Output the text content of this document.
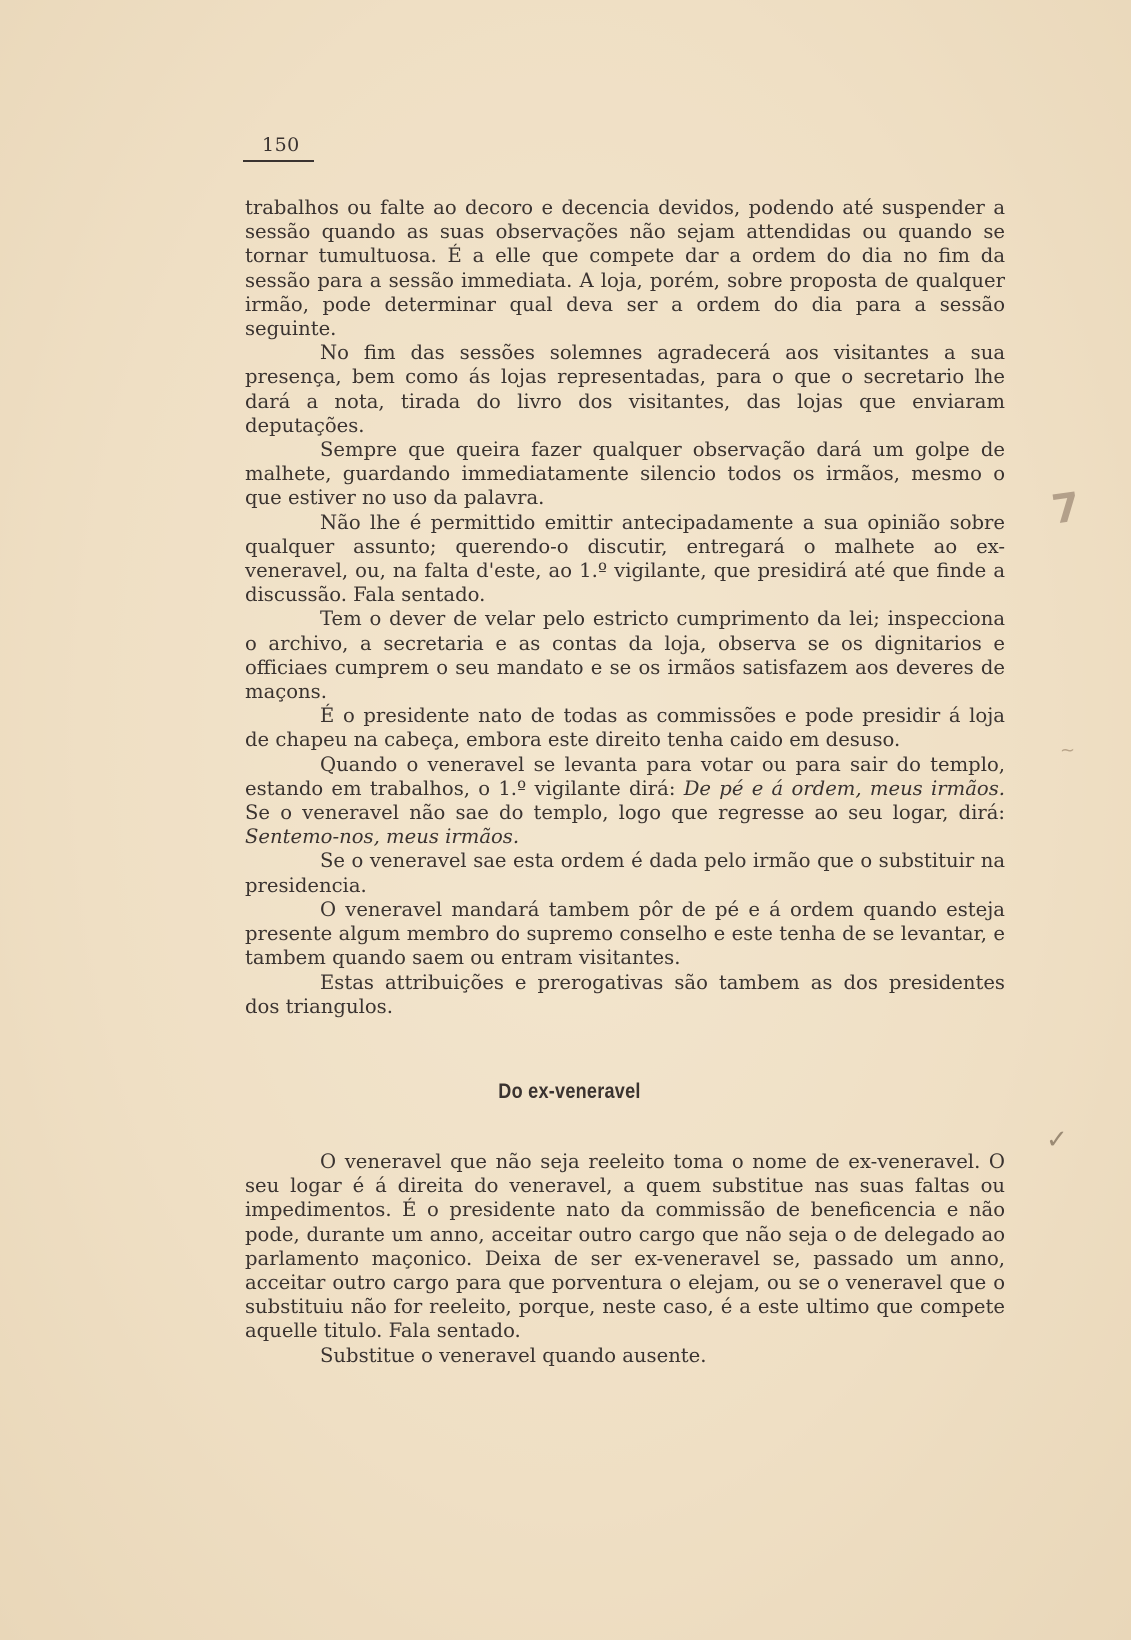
150

trabalhos ou falte ao decoro e decencia devidos, podendo até suspender a sessão quando as suas observações não sejam attendidas ou quando se tornar tumultuosa. É a elle que compete dar a ordem do dia no fim da sessão para a sessão immediata. A loja, porém, sobre proposta de qualquer irmão, pode determinar qual deva ser a ordem do dia para a sessão seguinte.

No fim das sessões solemnes agradecerá aos visitantes a sua presença, bem como ás lojas representadas, para o que o secretario lhe dará a nota, tirada do livro dos visitantes, das lojas que enviaram deputações.

Sempre que queira fazer qualquer observação dará um golpe de malhete, guardando immediatamente silencio todos os irmãos, mesmo o que estiver no uso da palavra.

Não lhe é permittido emittir antecipadamente a sua opinião sobre qualquer assunto; querendo-o discutir, entregará o malhete ao ex-veneravel, ou, na falta d'este, ao 1.º vigilante, que presidirá até que finde a discussão. Fala sentado.

Tem o dever de velar pelo estricto cumprimento da lei; inspecciona o archivo, a secretaria e as contas da loja, observa se os dignitarios e officiaes cumprem o seu mandato e se os irmãos satisfazem aos deveres de maçons.

É o presidente nato de todas as commissões e pode presidir á loja de chapeu na cabeça, embora este direito tenha caido em desuso.

Quando o veneravel se levanta para votar ou para sair do templo, estando em trabalhos, o 1.º vigilante dirá: De pé e á ordem, meus irmãos. Se o veneravel não sae do templo, logo que regresse ao seu logar, dirá: Sentemo-nos, meus irmãos.

Se o veneravel sae esta ordem é dada pelo irmão que o substituir na presidencia.

O veneravel mandará tambem pôr de pé e á ordem quando esteja presente algum membro do supremo conselho e este tenha de se levantar, e tambem quando saem ou entram visitantes.

Estas attribuições e prerogativas são tambem as dos presidentes dos triangulos.

Do ex-veneravel

O veneravel que não seja reeleito toma o nome de ex-veneravel. O seu logar é á direita do veneravel, a quem substitue nas suas faltas ou impedimentos. É o presidente nato da commissão de beneficencia e não pode, durante um anno, acceitar outro cargo que não seja o de delegado ao parlamento maçonico. Deixa de ser ex-veneravel se, passado um anno, acceitar outro cargo para que porventura o elejam, ou se o veneravel que o substituiu não for reeleito, porque, neste caso, é a este ultimo que compete aquelle titulo. Fala sentado.

Substitue o veneravel quando ausente.

7
✓
~
